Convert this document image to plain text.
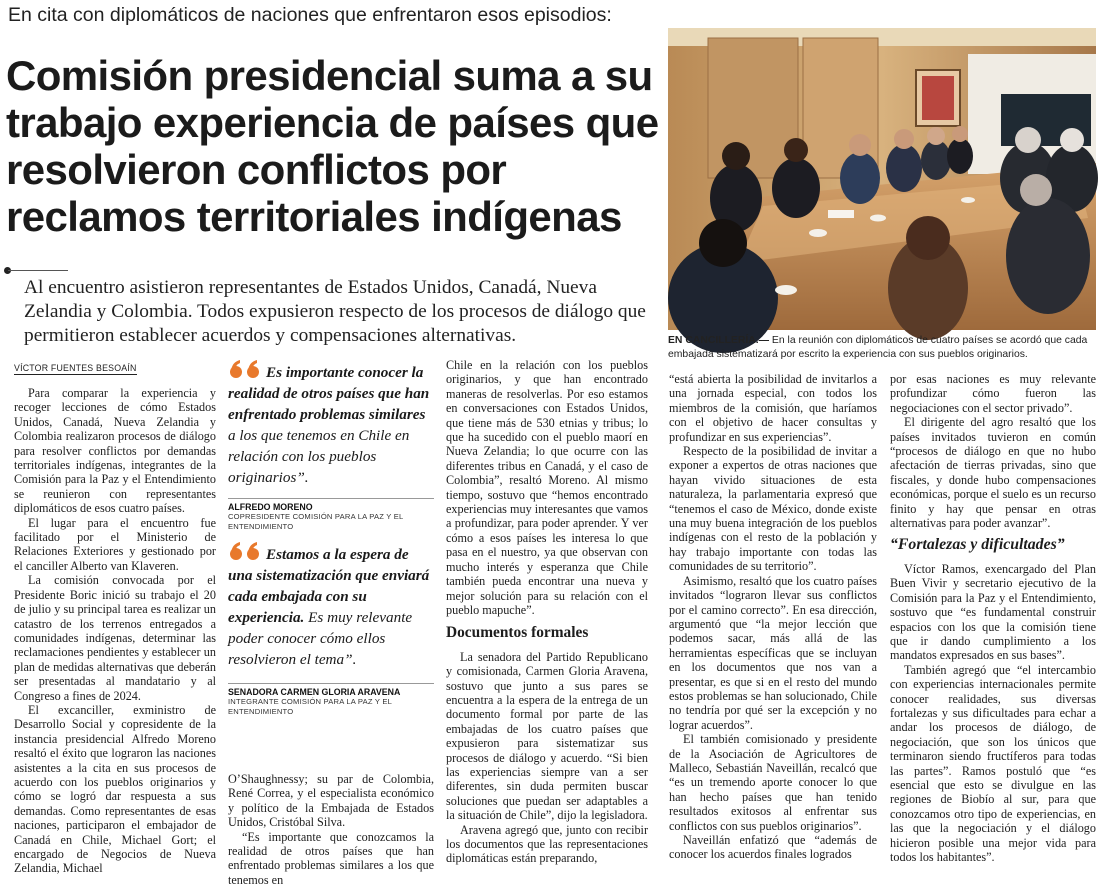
En cita con diplomáticos de naciones que enfrentaron esos episodios:
Comisión presidencial suma a su trabajo experiencia de países que resolvieron conflictos por reclamos territoriales indígenas
Al encuentro asistieron representantes de Estados Unidos, Canadá, Nueva Zelandia y Colombia. Todos expusieron respecto de los procesos de diálogo que permitieron establecer acuerdos y compensaciones alternativas.	EN CANCILLERÍA.— En la reunión con diplomáticos de cuatro países se acordó que cada embajada sistematizará por escrito la experiencia con sus pueblos originarios.
VÍCTOR FUENTES BESOAÍN

Para comparar la experiencia y recoger lecciones de cómo Estados Unidos, Canadá, Nueva Zelandia y Colombia realizaron procesos de diálogo para resolver conflictos por demandas territoriales indígenas, integrantes de la Comisión para la Paz y el Entendimiento se reunieron con representantes diplomáticos de esos cuatro países.

El lugar para el encuentro fue facilitado por el Ministerio de Relaciones Exteriores y gestionado por el canciller Alberto van Klaveren.

La comisión convocada por el Presidente Boric inició su trabajo el 20 de julio y su principal tarea es realizar un catastro de los terrenos entregados a comunidades indígenas, determinar las reclamaciones pendientes y establecer un plan de medidas alternativas que deberán ser presentadas al mandatario y al Congreso a fines de 2024.

El excanciller, exministro de Desarrollo Social y copresidente de la instancia presidencial Alfredo Moreno resaltó el éxito que lograron las naciones asistentes a la cita en sus procesos de acuerdo con los pueblos originarios y cómo se logró dar respuesta a sus demandas. Como representantes de esas naciones, participaron el embajador de Canadá en Chile, Michael Gort; el encargado de Negocios de Nueva Zelandia, Michael

Es importante conocer la realidad de otros países que han enfrentado problemas similares a los que tenemos en Chile en relación con los pueblos originarios”.
ALFREDO MORENO
COPRESIDENTE COMISIÓN PARA LA PAZ Y EL ENTENDIMIENTO
Estamos a la espera de una sistematización que enviará cada embajada con su experiencia. Es muy relevante poder conocer cómo ellos resolvieron el tema”.
SENADORA CARMEN GLORIA ARAVENA
INTEGRANTE COMISIÓN PARA LA PAZ Y EL ENTENDIMIENTO

O’Shaughnessy; su par de Colombia, René Correa, y el especialista económico y político de la Embajada de Estados Unidos, Cristóbal Silva.

“Es importante que conozcamos la realidad de otros países que han enfrentado problemas similares a los que tenemos en

Chile en la relación con los pueblos originarios, y que han encontrado maneras de resolverlas. Por eso estamos en conversaciones con Estados Unidos, que tiene más de 530 etnias y tribus; lo que ha sucedido con el pueblo maorí en Nueva Zelandia; lo que ocurre con las diferentes tribus en Canadá, y el caso de Colombia”, resaltó Moreno. Al mismo tiempo, sostuvo que “hemos encontrado experiencias muy interesantes que vamos a profundizar, para poder aprender. Y ver cómo a esos países les interesa lo que pasa en el nuestro, ya que observan con mucho interés y esperanza que Chile también pueda encontrar una nueva y mejor solución para su relación con el pueblo mapuche”.

Documentos formales

La senadora del Partido Republicano y comisionada, Carmen Gloria Aravena, sostuvo que junto a sus pares se encuentra a la espera de la entrega de un documento formal por parte de las embajadas de los cuatro países que expusieron para sistematizar sus procesos de diálogo y acuerdo. “Si bien las experiencias siempre van a ser diferentes, sin duda permiten buscar soluciones que puedan ser adaptables a la situación de Chile”, dijo la legisladora.

Aravena agregó que, junto con recibir los documentos que las representaciones diplomáticas están preparando,

“está abierta la posibilidad de invitarlos a una jornada especial, con todos los miembros de la comisión, que haríamos con el objetivo de hacer consultas y profundizar en sus experiencias”.

Respecto de la posibilidad de invitar a exponer a expertos de otras naciones que hayan vivido situaciones de esta naturaleza, la parlamentaria expresó que “tenemos el caso de México, donde existe una muy buena integración de los pueblos indígenas con el resto de la población y hay trabajo importante con todas las comunidades de su territorio”.

Asimismo, resaltó que los cuatro países invitados “lograron llevar sus conflictos por el camino correcto”. En esa dirección, argumentó que “la mejor lección que podemos sacar, más allá de las herramientas específicas que se incluyan en los documentos que nos van a presentar, es que si en el resto del mundo estos problemas se han solucionado, Chile no tendría por qué ser la excepción y no lograr acuerdos”.

El también comisionado y presidente de la Asociación de Agricultores de Malleco, Sebastián Naveillán, recalcó que “es un tremendo aporte conocer lo que han hecho países que han tenido resultados exitosos al enfrentar sus conflictos con sus pueblos originarios”.

Naveillán enfatizó que “además de conocer los acuerdos finales logrados

por esas naciones es muy relevante profundizar cómo fueron las negociaciones con el sector privado”.

El dirigente del agro resaltó que los países invitados tuvieron en común “procesos de diálogo en que no hubo afectación de tierras privadas, sino que fiscales, y donde hubo compensaciones económicas, porque el suelo es un recurso finito y hay que pensar en otras alternativas para poder avanzar”.

“Fortalezas y dificultades”

Víctor Ramos, exencargado del Plan Buen Vivir y secretario ejecutivo de la Comisión para la Paz y el Entendimiento, sostuvo que “es fundamental construir espacios con los que la comisión tiene que ir dando cumplimiento a los mandatos expresados en sus bases”.

También agregó que “el intercambio con experiencias internacionales permite conocer realidades, sus diversas fortalezas y sus dificultades para echar a andar los procesos de diálogo, de negociación, que son los únicos que terminaron siendo fructíferos para todas las partes”. Ramos postuló que “es esencial que esto se divulgue en las regiones de Biobío al sur, para que conozcamos otro tipo de experiencias, en las que la negociación y el diálogo hicieron posible una mejor vida para todos los habitantes”.
